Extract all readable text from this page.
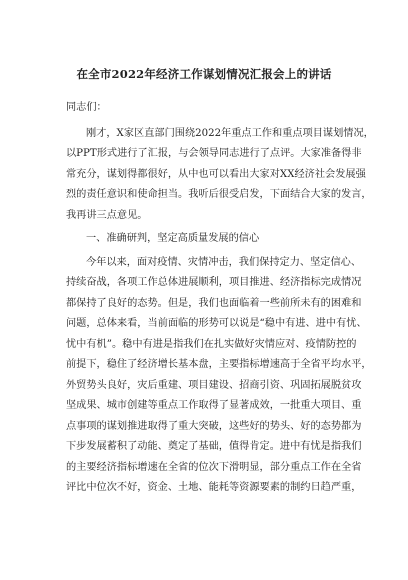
在全市2022年经济工作谋划情况汇报会上的讲话
同志们：
刚才，X家区直部门围绕2022年重点工作和重点项目谋划情况，
以PPT形式进行了汇报，与会领导同志进行了点评。大家准备得非
常充分，谋划得都很好，从中也可以看出大家对XX经济社会发展强
烈的责任意识和使命担当。我听后很受启发，下面结合大家的发言，
我再讲三点意见。
一、准确研判，坚定高质量发展的信心
今年以来，面对疫情、灾情冲击，我们保持定力、坚定信心、
持续奋战，各项工作总体进展顺利，项目推进、经济指标完成情况
都保持了良好的态势。但是，我们也面临着一些前所未有的困难和
问题，总体来看，当前面临的形势可以说是“稳中有进、进中有忧、
忧中有机”。稳中有进是指我们在扎实做好灾情应对、疫情防控的
前提下，稳住了经济增长基本盘，主要指标增速高于全省平均水平，
外贸势头良好，灾后重建、项目建设、招商引资、巩固拓展脱贫攻
坚成果、城市创建等重点工作取得了显著成效，一批重大项目、重
点事项的谋划推进取得了重大突破，这些好的势头、好的态势都为
下步发展蓄积了动能、奠定了基础，值得肯定。进中有忧是指我们
的主要经济指标增速在全省的位次下滑明显，部分重点工作在全省
评比中位次不好，资金、土地、能耗等资源要素的制约日趋严重，
